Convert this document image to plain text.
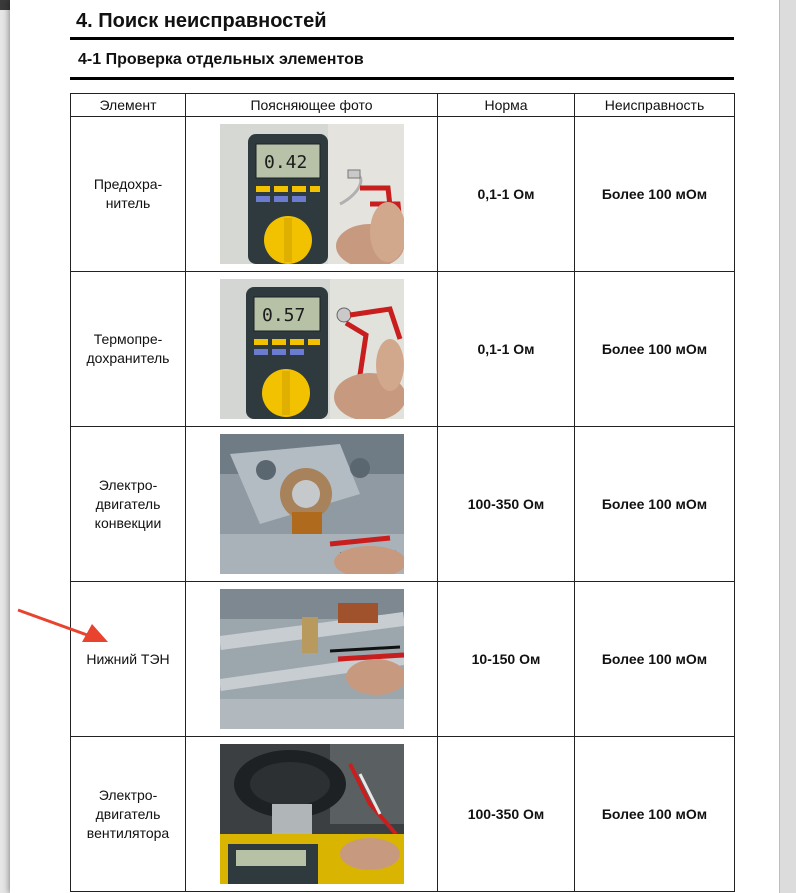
4. Поиск неисправностей
4-1 Проверка отдельных элементов
Элемент	Поясняющее фото	Норма	Неисправность
Предохра-
нитель	0.42	0,1-1 Ом	Более 100 мОм
Термопре-
дохранитель	0.57	0,1-1 Ом	Более 100 мОм
Электро-
двигатель
конвекции		100-350 Ом	Более 100 мОм
Нижний ТЭН		10-150 Ом	Более 100 мОм
Электро-
двигатель
вентилятора		100-350 Ом	Более 100 мОм
